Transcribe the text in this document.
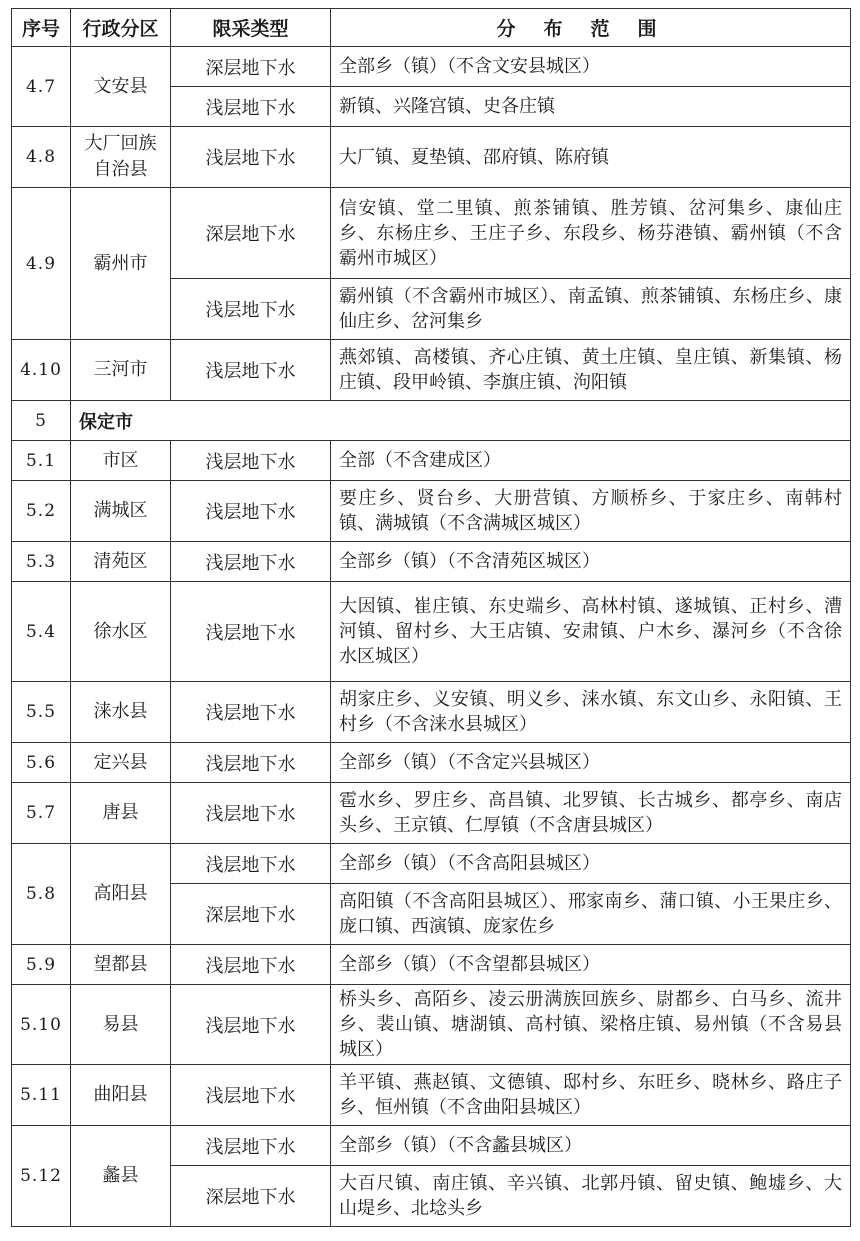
序号	行政分区	限采类型	分布范围
4.7	文安县	深层地下水	全部乡（镇）（不含文安县城区）
		浅层地下水	新镇、兴隆宫镇、史各庄镇
4.8	大厂回族自治县	浅层地下水	大厂镇、夏垫镇、邵府镇、陈府镇
4.9	霸州市	深层地下水	信安镇、堂二里镇、煎茶铺镇、胜芳镇、岔河集乡、康仙庄乡、东杨庄乡、王庄子乡、东段乡、杨芬港镇、霸州镇（不含霸州市城区）
		浅层地下水	霸州镇（不含霸州市城区）、南孟镇、煎茶铺镇、东杨庄乡、康仙庄乡、岔河集乡
4.10	三河市	浅层地下水	燕郊镇、高楼镇、齐心庄镇、黄土庄镇、皇庄镇、新集镇、杨庄镇、段甲岭镇、李旗庄镇、泃阳镇
5	保定市		
5.1	市区	浅层地下水	全部（不含建成区）
5.2	满城区	浅层地下水	要庄乡、贤台乡、大册营镇、方顺桥乡、于家庄乡、南韩村镇、满城镇（不含满城区城区）
5.3	清苑区	浅层地下水	全部乡（镇）（不含清苑区城区）
5.4	徐水区	浅层地下水	大因镇、崔庄镇、东史端乡、高林村镇、遂城镇、正村乡、漕河镇、留村乡、大王店镇、安肃镇、户木乡、瀑河乡（不含徐水区城区）
5.5	涞水县	浅层地下水	胡家庄乡、义安镇、明义乡、涞水镇、东文山乡、永阳镇、王村乡（不含涞水县城区）
5.6	定兴县	浅层地下水	全部乡（镇）（不含定兴县城区）
5.7	唐县	浅层地下水	雹水乡、罗庄乡、高昌镇、北罗镇、长古城乡、都亭乡、南店头乡、王京镇、仁厚镇（不含唐县城区）
5.8	高阳县	浅层地下水	全部乡（镇）（不含高阳县城区）
		深层地下水	高阳镇（不含高阳县城区）、邢家南乡、蒲口镇、小王果庄乡、庞口镇、西演镇、庞家佐乡
5.9	望都县	浅层地下水	全部乡（镇）（不含望都县城区）
5.10	易县	浅层地下水	桥头乡、高陌乡、凌云册满族回族乡、尉都乡、白马乡、流井乡、裴山镇、塘湖镇、高村镇、梁格庄镇、易州镇（不含易县城区）
5.11	曲阳县	浅层地下水	羊平镇、燕赵镇、文德镇、邸村乡、东旺乡、晓林乡、路庄子乡、恒州镇（不含曲阳县城区）
5.12	蠡县	浅层地下水	全部乡（镇）（不含蠡县城区）
		深层地下水	大百尺镇、南庄镇、辛兴镇、北郭丹镇、留史镇、鲍墟乡、大山堤乡、北埝头乡
